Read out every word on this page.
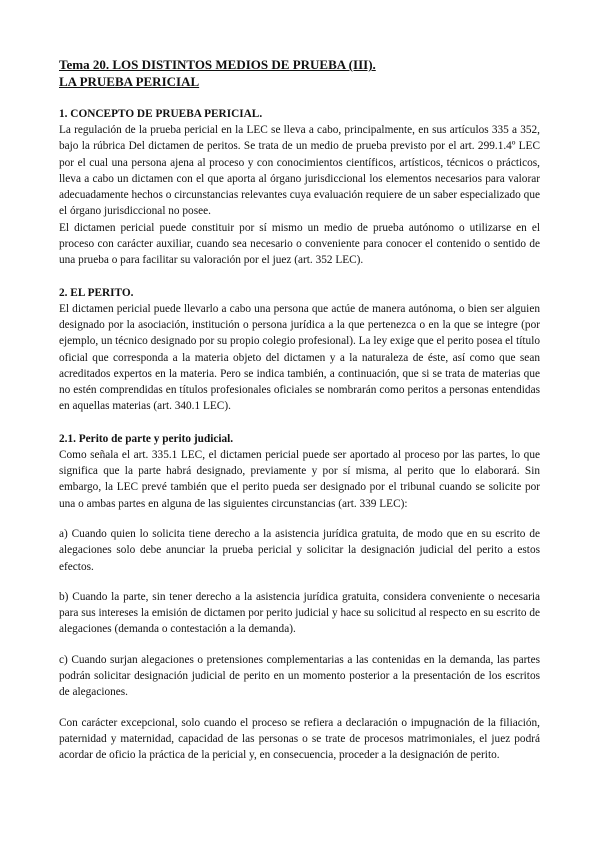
Tema 20. LOS DISTINTOS MEDIOS DE PRUEBA (III).
LA PRUEBA PERICIAL
1. CONCEPTO DE PRUEBA PERICIAL.

La regulación de la prueba pericial en la LEC se lleva a cabo, principalmente, en sus artículos 335 a 352, bajo la rúbrica Del dictamen de peritos. Se trata de un medio de prueba previsto por el art. 299.1.4º LEC por el cual una persona ajena al proceso y con conocimientos científicos, artísticos, técnicos o prácticos, lleva a cabo un dictamen con el que aporta al órgano jurisdiccional los elementos necesarios para valorar adecuadamente hechos o circunstancias relevantes cuya evaluación requiere de un saber especializado que el órgano jurisdiccional no posee.

El dictamen pericial puede constituir por sí mismo un medio de prueba autónomo o utilizarse en el proceso con carácter auxiliar, cuando sea necesario o conveniente para conocer el contenido o sentido de una prueba o para facilitar su valoración por el juez (art. 352 LEC).

2. EL PERITO.

El dictamen pericial puede llevarlo a cabo una persona que actúe de manera autónoma, o bien ser alguien designado por la asociación, institución o persona jurídica a la que pertenezca o en la que se integre (por ejemplo, un técnico designado por su propio colegio profesional). La ley exige que el perito posea el título oficial que corresponda a la materia objeto del dictamen y a la naturaleza de éste, así como que sean acreditados expertos en la materia. Pero se indica también, a continuación, que si se trata de materias que no estén comprendidas en títulos profesionales oficiales se nombrarán como peritos a personas entendidas en aquellas materias (art. 340.1 LEC).

2.1. Perito de parte y perito judicial.

Como señala el art. 335.1 LEC, el dictamen pericial puede ser aportado al proceso por las partes, lo que significa que la parte habrá designado, previamente y por sí misma, al perito que lo elaborará. Sin embargo, la LEC prevé también que el perito pueda ser designado por el tribunal cuando se solicite por una o ambas partes en alguna de las siguientes circunstancias (art. 339 LEC):

a) Cuando quien lo solicita tiene derecho a la asistencia jurídica gratuita, de modo que en su escrito de alegaciones solo debe anunciar la prueba pericial y solicitar la designación judicial del perito a estos efectos.

b) Cuando la parte, sin tener derecho a la asistencia jurídica gratuita, considera conveniente o necesaria para sus intereses la emisión de dictamen por perito judicial y hace su solicitud al respecto en su escrito de alegaciones (demanda o contestación a la demanda).

c) Cuando surjan alegaciones o pretensiones complementarias a las contenidas en la demanda, las partes podrán solicitar designación judicial de perito en un momento posterior a la presentación de los escritos de alegaciones.

Con carácter excepcional, solo cuando el proceso se refiera a declaración o impugnación de la filiación, paternidad y maternidad, capacidad de las personas o se trate de procesos matrimoniales, el juez podrá acordar de oficio la práctica de la pericial y, en consecuencia, proceder a la designación de perito.
